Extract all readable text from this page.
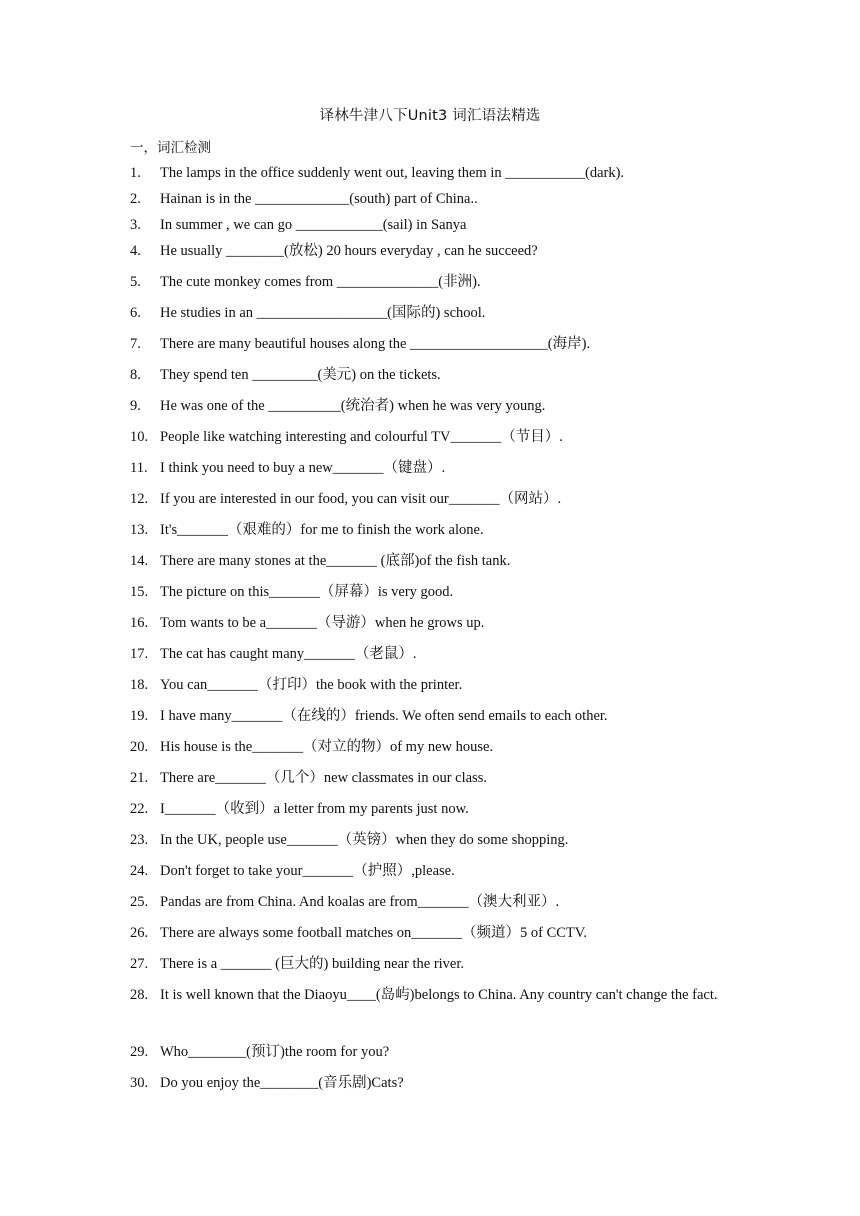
译林牛津八下Unit3 词汇语法精选
一，词汇检测
1. The lamps in the office suddenly went out, leaving them in ___________(dark).
2. Hainan is in the _____________(south) part of China..
3. In summer , we can go ____________(sail) in Sanya
4. He usually ________(放松) 20 hours everyday , can he succeed?
5. The cute monkey comes from ______________(非洲).
6. He studies in an __________________(国际的) school.
7. There are many beautiful houses along the ___________________(海岸).
8. They spend ten _________(美元) on the tickets.
9. He was one of the __________(统治者) when he was very young.
10. People like watching interesting and colourful TV_______（节目）.
11. I think you need to buy a new_______（键盘）.
12. If you are interested in our food, you can visit our_______（网站）.
13. It's_______（艰难的）for me to finish the work alone.
14. There are many stones at the_______ (底部)of the fish tank.
15. The picture on this_______（屏幕）is very good.
16. Tom wants to be a_______（导游）when he grows up.
17. The cat has caught many_______（老鼠）.
18. You can_______（打印）the book with the printer.
19. I have many_______（在线的）friends. We often send emails to each other.
20. His house is the_______（对立的物）of my new house.
21. There are_______（几个）new classmates in our class.
22. I_______（收到）a letter from my parents just now.
23. In the UK, people use_______（英镑）when they do some shopping.
24. Don't forget to take your_______（护照）,please.
25. Pandas are from China. And koalas are from_______（澳大利亚）.
26. There are always some football matches on_______（频道）5 of CCTV.
27. There is a _______ (巨大的) building near the river.
28. It is well known that the Diaoyu____(岛屿)belongs to China. Any country can't change the fact.
29. Who________(预订)the room for you?
30. Do you enjoy the________(音乐剧)Cats?
